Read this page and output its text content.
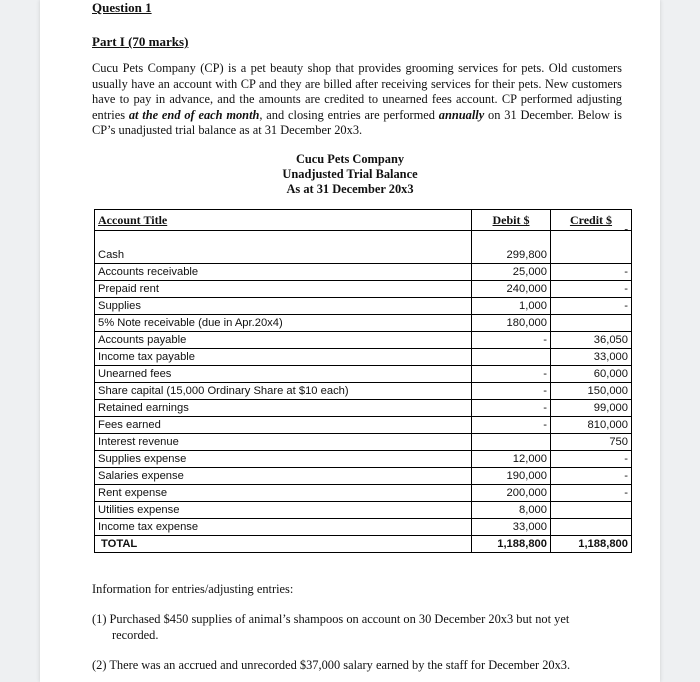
Question 1
Part I (70 marks)
Cucu Pets Company (CP) is a pet beauty shop that provides grooming services for pets. Old customers usually have an account with CP and they are billed after receiving services for their pets. New customers have to pay in advance, and the amounts are credited to unearned fees account. CP performed adjusting entries at the end of each month, and closing entries are performed annually on 31 December. Below is CP’s unadjusted trial balance as at 31 December 20x3.
Cucu Pets Company
Unadjusted Trial Balance
As at 31 December 20x3
Account Title	Debit $	Credit $
-

Cash	299,800	
Accounts receivable	25,000	-
Prepaid rent	240,000	-
Supplies	1,000	-
5% Note receivable (due in Apr.20x4)	180,000	
Accounts payable	-	36,050
Income tax payable		33,000
Unearned fees	-	60,000
Share capital (15,000 Ordinary Share at $10 each)	-	150,000
Retained earnings	-	99,000
Fees earned	-	810,000
Interest revenue		750
Supplies expense	12,000	-
Salaries expense	190,000	-
Rent expense	200,000	-
Utilities expense	8,000	
Income tax expense	33,000	
TOTAL	1,188,800	1,188,800
Information for entries/adjusting entries:
(1) Purchased $450 supplies of animal’s shampoos on account on 30 December 20x3 but not yet
recorded.
(2) There was an accrued and unrecorded $37,000 salary earned by the staff for December 20x3.
